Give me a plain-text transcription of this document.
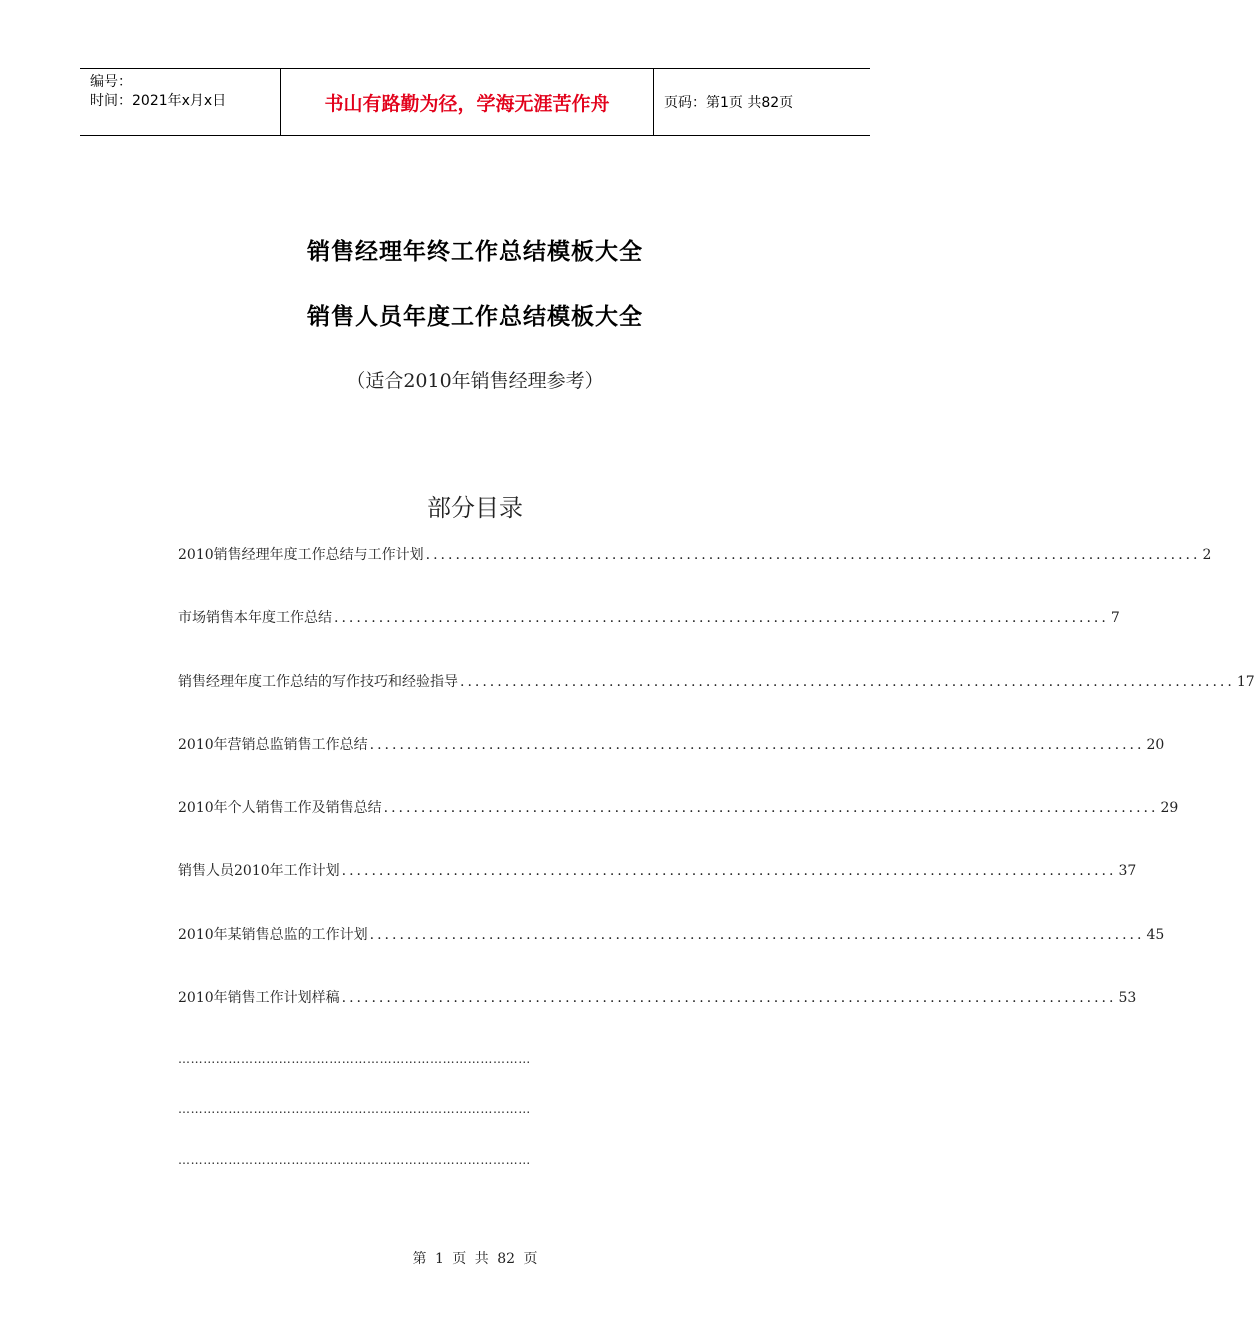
编号：
时间：2021年x月x日	书山有路勤为径，学海无涯苦作舟	页码：第1页 共82页
销售经理年终工作总结模板大全
销售人员年度工作总结模板大全
（适合2010年销售经理参考）
部分目录
2010销售经理年度工作总结与工作计划 ........................................................................................................ 2
市场销售本年度工作总结 ........................................................................................................ 7
销售经理年度工作总结的写作技巧和经验指导 ........................................................................................................ 17
2010年营销总监销售工作总结 ........................................................................................................ 20
2010年个人销售工作及销售总结 ........................................................................................................ 29
销售人员2010年工作计划 ........................................................................................................ 37
2010年某销售总监的工作计划 ........................................................................................................ 45
2010年销售工作计划样稿 ........................................................................................................ 53
…………………………………………………………………………
…………………………………………………………………………
…………………………………………………………………………
第 1 页 共 82 页
